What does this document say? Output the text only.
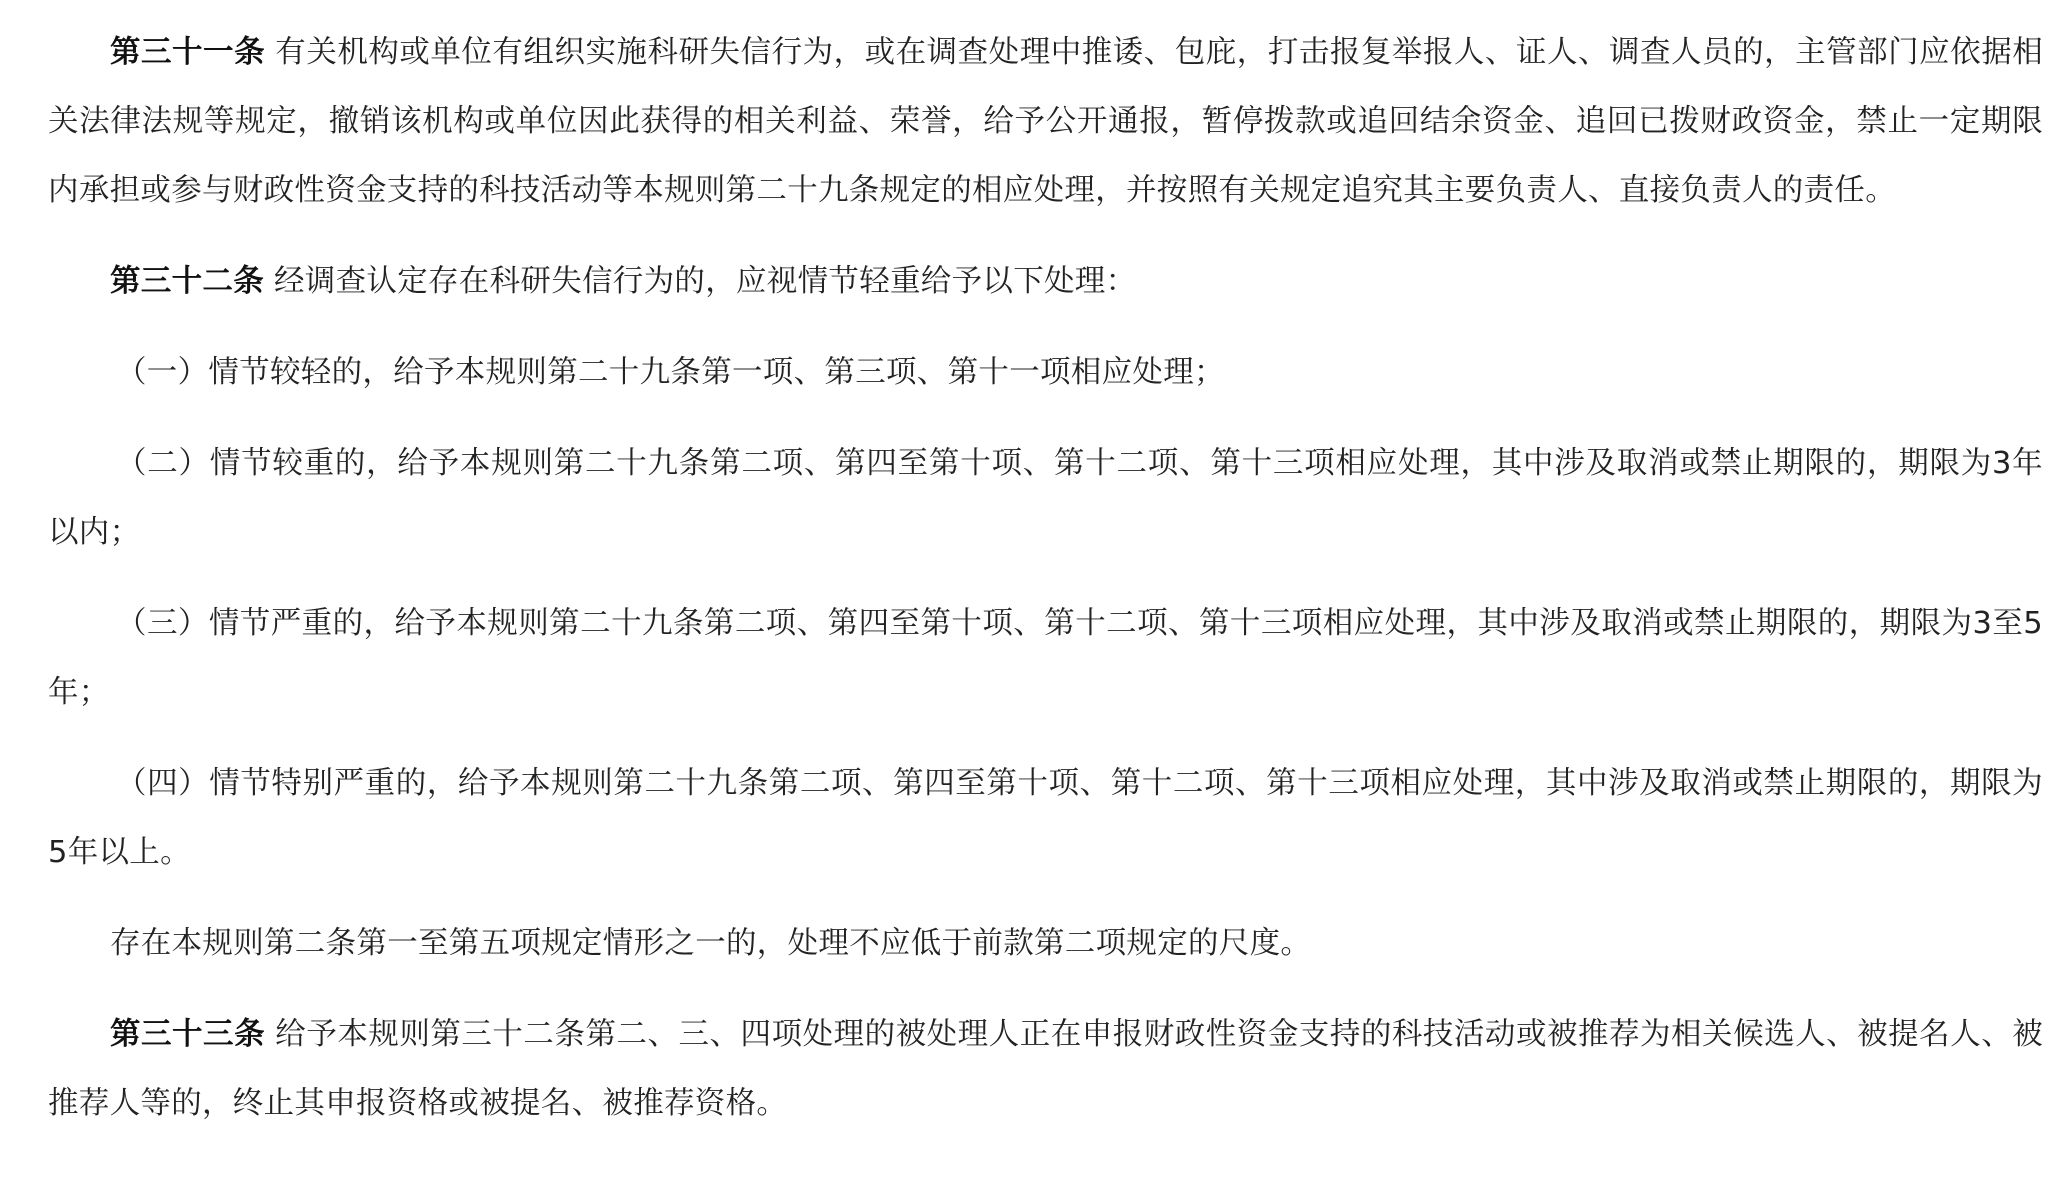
第三十一条 有关机构或单位有组织实施科研失信行为，或在调查处理中推诿、包庇，打击报复举报人、证人、调查人员的，主管部门应依据相关法律法规等规定，撤销该机构或单位因此获得的相关利益、荣誉，给予公开通报，暂停拨款或追回结余资金、追回已拨财政资金，禁止一定期限内承担或参与财政性资金支持的科技活动等本规则第二十九条规定的相应处理，并按照有关规定追究其主要负责人、直接负责人的责任。

第三十二条 经调查认定存在科研失信行为的，应视情节轻重给予以下处理：

（一）情节较轻的，给予本规则第二十九条第一项、第三项、第十一项相应处理；

（二）情节较重的，给予本规则第二十九条第二项、第四至第十项、第十二项、第十三项相应处理，其中涉及取消或禁止期限的，期限为3年以内；

（三）情节严重的，给予本规则第二十九条第二项、第四至第十项、第十二项、第十三项相应处理，其中涉及取消或禁止期限的，期限为3至5年；

（四）情节特别严重的，给予本规则第二十九条第二项、第四至第十项、第十二项、第十三项相应处理，其中涉及取消或禁止期限的，期限为5年以上。

存在本规则第二条第一至第五项规定情形之一的，处理不应低于前款第二项规定的尺度。

第三十三条 给予本规则第三十二条第二、三、四项处理的被处理人正在申报财政性资金支持的科技活动或被推荐为相关候选人、被提名人、被推荐人等的，终止其申报资格或被提名、被推荐资格。
